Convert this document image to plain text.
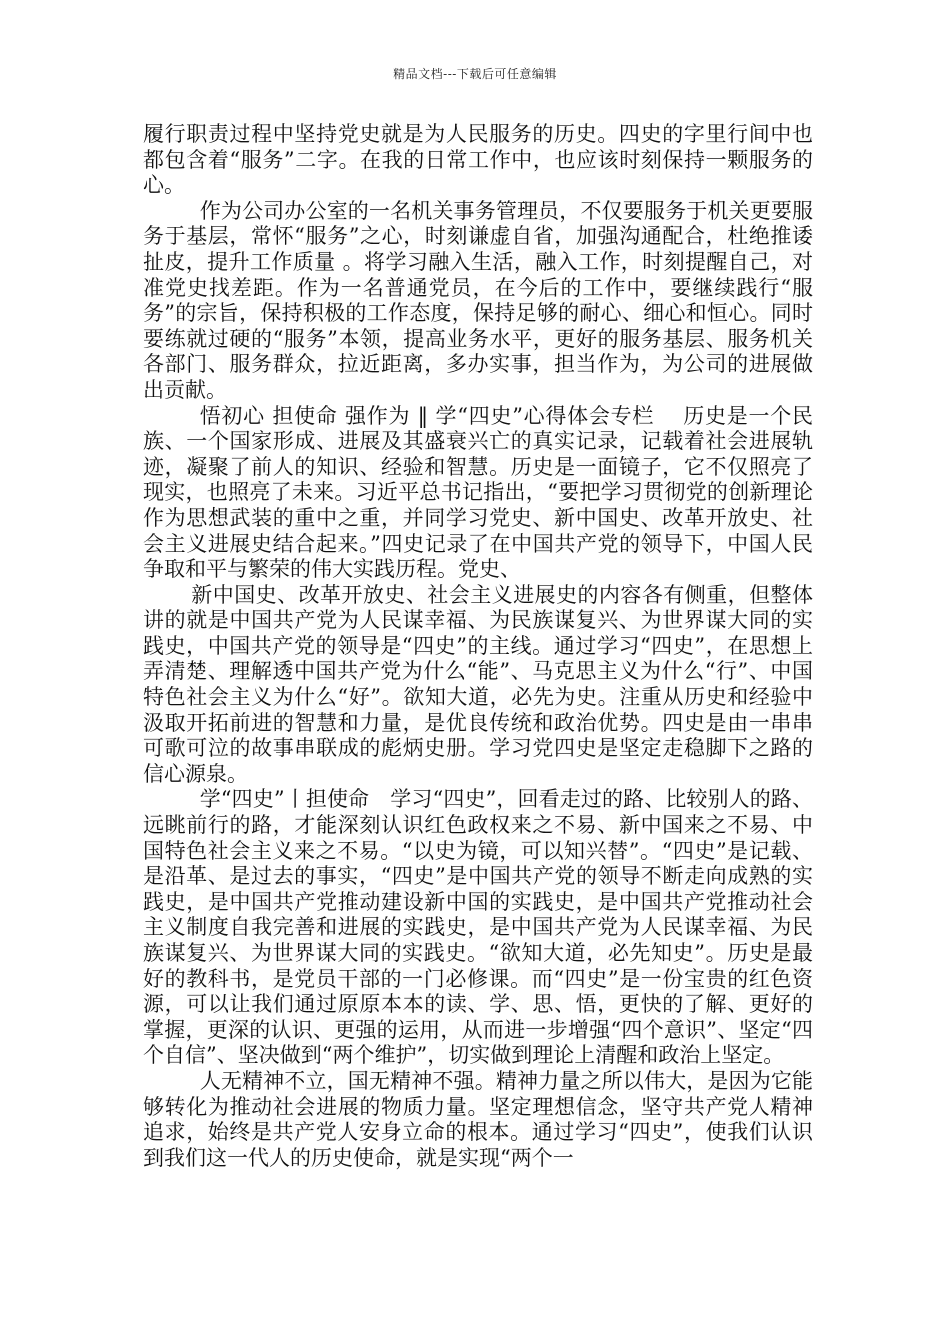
精品文档---下载后可任意编辑

履行职责过程中坚持党史就是为人民服务的历史。四史的字里行间中也都包含着“服务”二字。在我的日常工作中，也应该时刻保持一颗服务的心。

作为公司办公室的一名机关事务管理员，不仅要服务于机关更要服务于基层，常怀“服务”之心，时刻谦虚自省，加强沟通配合，杜绝推诿扯皮，提升工作质量 。将学习融入生活，融入工作，时刻提醒自己，对准党史找差距。作为一名普通党员，在今后的工作中，要继续践行“服务”的宗旨，保持积极的工作态度，保持足够的耐心、细心和恒心。同时要练就过硬的“服务”本领，提高业务水平，更好的服务基层、服务机关各部门、服务群众，拉近距离，多办实事，担当作为，为公司的进展做出贡献。

悟初心 担使命 强作为 ‖ 学“四史”心得体会专栏　 历史是一个民族、一个国家形成、进展及其盛衰兴亡的真实记录，记载着社会进展轨迹，凝聚了前人的知识、经验和智慧。历史是一面镜子，它不仅照亮了现实，也照亮了未来。习近平总书记指出，“要把学习贯彻党的创新理论作为思想武装的重中之重，并同学习党史、新中国史、改革开放史、社会主义进展史结合起来。”四史记录了在中国共产党的领导下，中国人民争取和平与繁荣的伟大实践历程。党史、

新中国史、改革开放史、社会主义进展史的内容各有侧重，但整体讲的就是中国共产党为人民谋幸福、为民族谋复兴、为世界谋大同的实践史，中国共产党的领导是“四史”的主线。通过学习“四史”，在思想上弄清楚、理解透中国共产党为什么“能”、马克思主义为什么“行”、中国特色社会主义为什么“好”。欲知大道，必先为史。注重从历史和经验中汲取开拓前进的智慧和力量，是优良传统和政治优势。四史是由一串串可歌可泣的故事串联成的彪炳史册。学习党四史是坚定走稳脚下之路的信心源泉。

学“四史”丨担使命　学习“四史”，回看走过的路、比较别人的路、远眺前行的路，才能深刻认识红色政权来之不易、新中国来之不易、中国特色社会主义来之不易。“以史为镜，可以知兴替”。“四史”是记载、是沿革、是过去的事实，“四史”是中国共产党的领导不断走向成熟的实践史，是中国共产党推动建设新中国的实践史，是中国共产党推动社会主义制度自我完善和进展的实践史，是中国共产党为人民谋幸福、为民族谋复兴、为世界谋大同的实践史。“欲知大道，必先知史”。历史是最好的教科书，是党员干部的一门必修课。而“四史”是一份宝贵的红色资源，可以让我们通过原原本本的读、学、思、悟，更快的了解、更好的掌握，更深的认识、更强的运用，从而进一步增强“四个意识”、坚定“四个自信”、坚决做到“两个维护”，切实做到理论上清醒和政治上坚定。

人无精神不立，国无精神不强。精神力量之所以伟大，是因为它能够转化为推动社会进展的物质力量。坚定理想信念，坚守共产党人精神追求，始终是共产党人安身立命的根本。通过学习“四史”，使我们认识到我们这一代人的历史使命，就是实现“两个一
